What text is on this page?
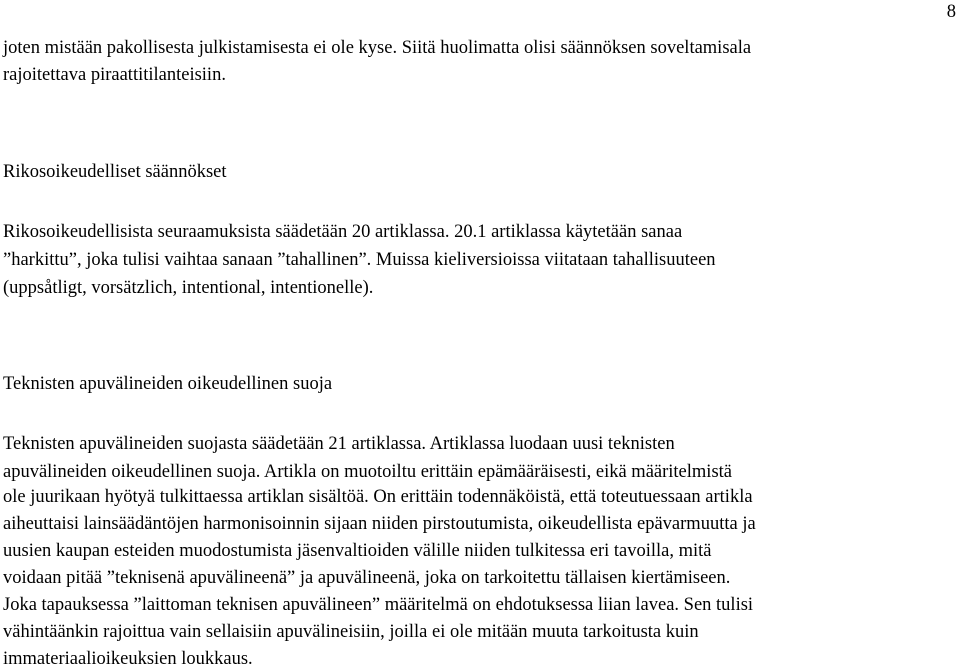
8
joten mistään pakollisesta julkistamisesta ei ole kyse. Siitä huolimatta olisi säännöksen soveltamisala
rajoitettava piraattitilanteisiin.
Rikosoikeudelliset säännökset
Rikosoikeudellisista seuraamuksista säädetään 20 artiklassa. 20.1 artiklassa käytetään sanaa
”harkittu”, joka tulisi vaihtaa sanaan ”tahallinen”. Muissa kieliversioissa viitataan tahallisuuteen
(uppsåtligt, vorsätzlich, intentional, intentionelle).
Teknisten apuvälineiden oikeudellinen suoja
Teknisten apuvälineiden suojasta säädetään 21 artiklassa. Artiklassa luodaan uusi teknisten
apuvälineiden oikeudellinen suoja. Artikla on muotoiltu erittäin epämääräisesti, eikä määritelmistä
ole juurikaan hyötyä tulkittaessa artiklan sisältöä. On erittäin todennäköistä, että toteutuessaan artikla
aiheuttaisi lainsäädäntöjen harmonisoinnin sijaan niiden pirstoutumista, oikeudellista epävarmuutta ja
uusien kaupan esteiden muodostumista jäsenvaltioiden välille niiden tulkitessa eri tavoilla, mitä
voidaan pitää ”teknisenä apuvälineenä” ja apuvälineenä, joka on tarkoitettu tällaisen kiertämiseen.
Joka tapauksessa ”laittoman teknisen apuvälineen” määritelmä on ehdotuksessa liian lavea. Sen tulisi
vähintäänkin rajoittua vain sellaisiin apuvälineisiin, joilla ei ole mitään muuta tarkoitusta kuin
immateriaalioikeuksien loukkaus.
